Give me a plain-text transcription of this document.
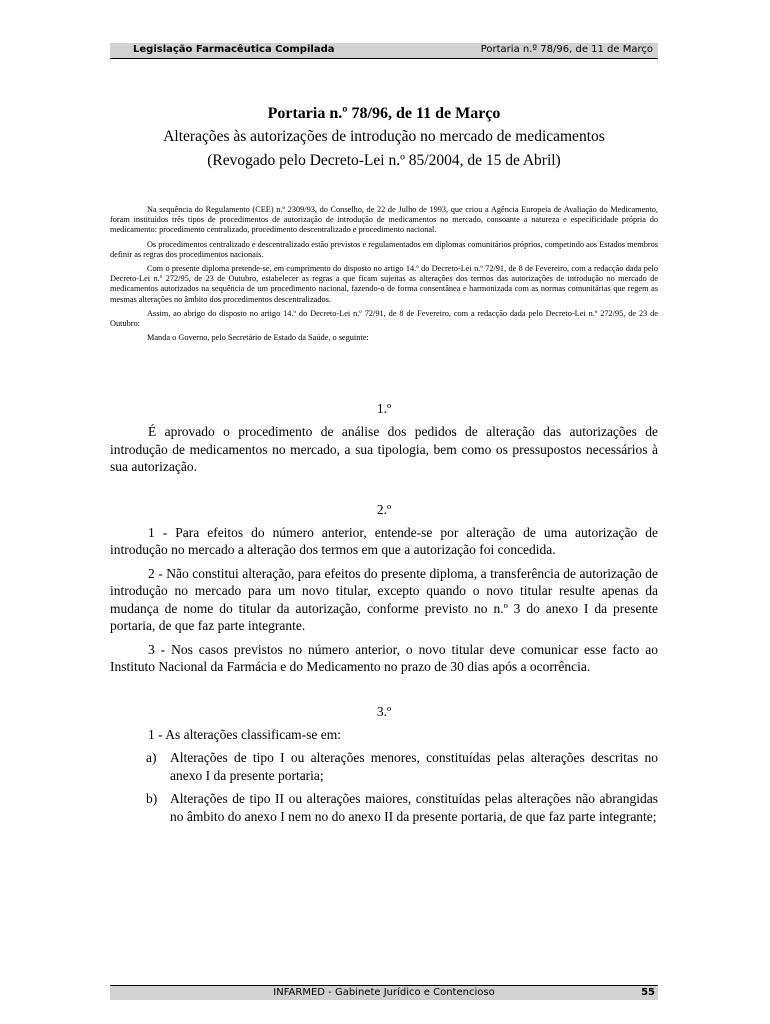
Legislação Farmacêutica Compilada	Portaria n.º 78/96, de 11 de Março
Portaria n.º 78/96, de 11 de Março
Alterações às autorizações de introdução no mercado de medicamentos
(Revogado pelo Decreto-Lei n.º 85/2004, de 15 de Abril)

Na sequência do Regulamento (CEE) n.º 2309/93, do Conselho, de 22 de Julho de 1993, que criou a Agência Europeia de Avaliação do Medicamento, foram instituídos três tipos de procedimentos de autorização de introdução de medicamentos no mercado, consoante a natureza e especificidade própria do medicamento: procedimento centralizado, procedimento descentralizado e procedimento nacional.

Os procedimentos centralizado e descentralizado estão previstos e regulamentados em diplomas comunitários próprios, competindo aos Estados membros definir as regras dos procedimentos nacionais.

Com o presente diploma pretende-se, em cumprimento do disposto no artigo 14.º do Decreto-Lei n.º 72/91, de 8 de Fevereiro, com a redacção dada pelo Decreto-Lei n.º 272/95, de 23 de Outubro, estabelecer as regras a que ficam sujeitas as alterações dos termos das autorizações de introdução no mercado de medicamentos autorizados na sequência de um procedimento nacional, fazendo-o de forma consentânea e harmonizada com as normas comunitárias que regem as mesmas alterações no âmbito dos procedimentos descentralizados.

Assim, ao abrigo do disposto no artigo 14.º do Decreto-Lei n.º 72/91, de 8 de Fevereiro, com a redacção dada pelo Decreto-Lei n.º 272/95, de 23 de Outubro:

Manda o Governo, pelo Secretário de Estado da Saúde, o seguinte:

1.º

É aprovado o procedimento de análise dos pedidos de alteração das autorizações de introdução de medicamentos no mercado, a sua tipologia, bem como os pressupostos necessários à sua autorização.

2.º

1 - Para efeitos do número anterior, entende-se por alteração de uma autorização de introdução no mercado a alteração dos termos em que a autorização foi concedida.

2 - Não constitui alteração, para efeitos do presente diploma, a transferência de autorização de introdução no mercado para um novo titular, excepto quando o novo titular resulte apenas da mudança de nome do titular da autorização, conforme previsto no n.º 3 do anexo I da presente portaria, de que faz parte integrante.

3 - Nos casos previstos no número anterior, o novo titular deve comunicar esse facto ao Instituto Nacional da Farmácia e do Medicamento no prazo de 30 dias após a ocorrência.

3.º

1 - As alterações classificam-se em:

a) Alterações de tipo I ou alterações menores, constituídas pelas alterações descritas no anexo I da presente portaria;

b) Alterações de tipo II ou alterações maiores, constituídas pelas alterações não abrangidas no âmbito do anexo I nem no do anexo II da presente portaria, de que faz parte integrante;

INFARMED - Gabinete Jurídico e Contencioso	55
